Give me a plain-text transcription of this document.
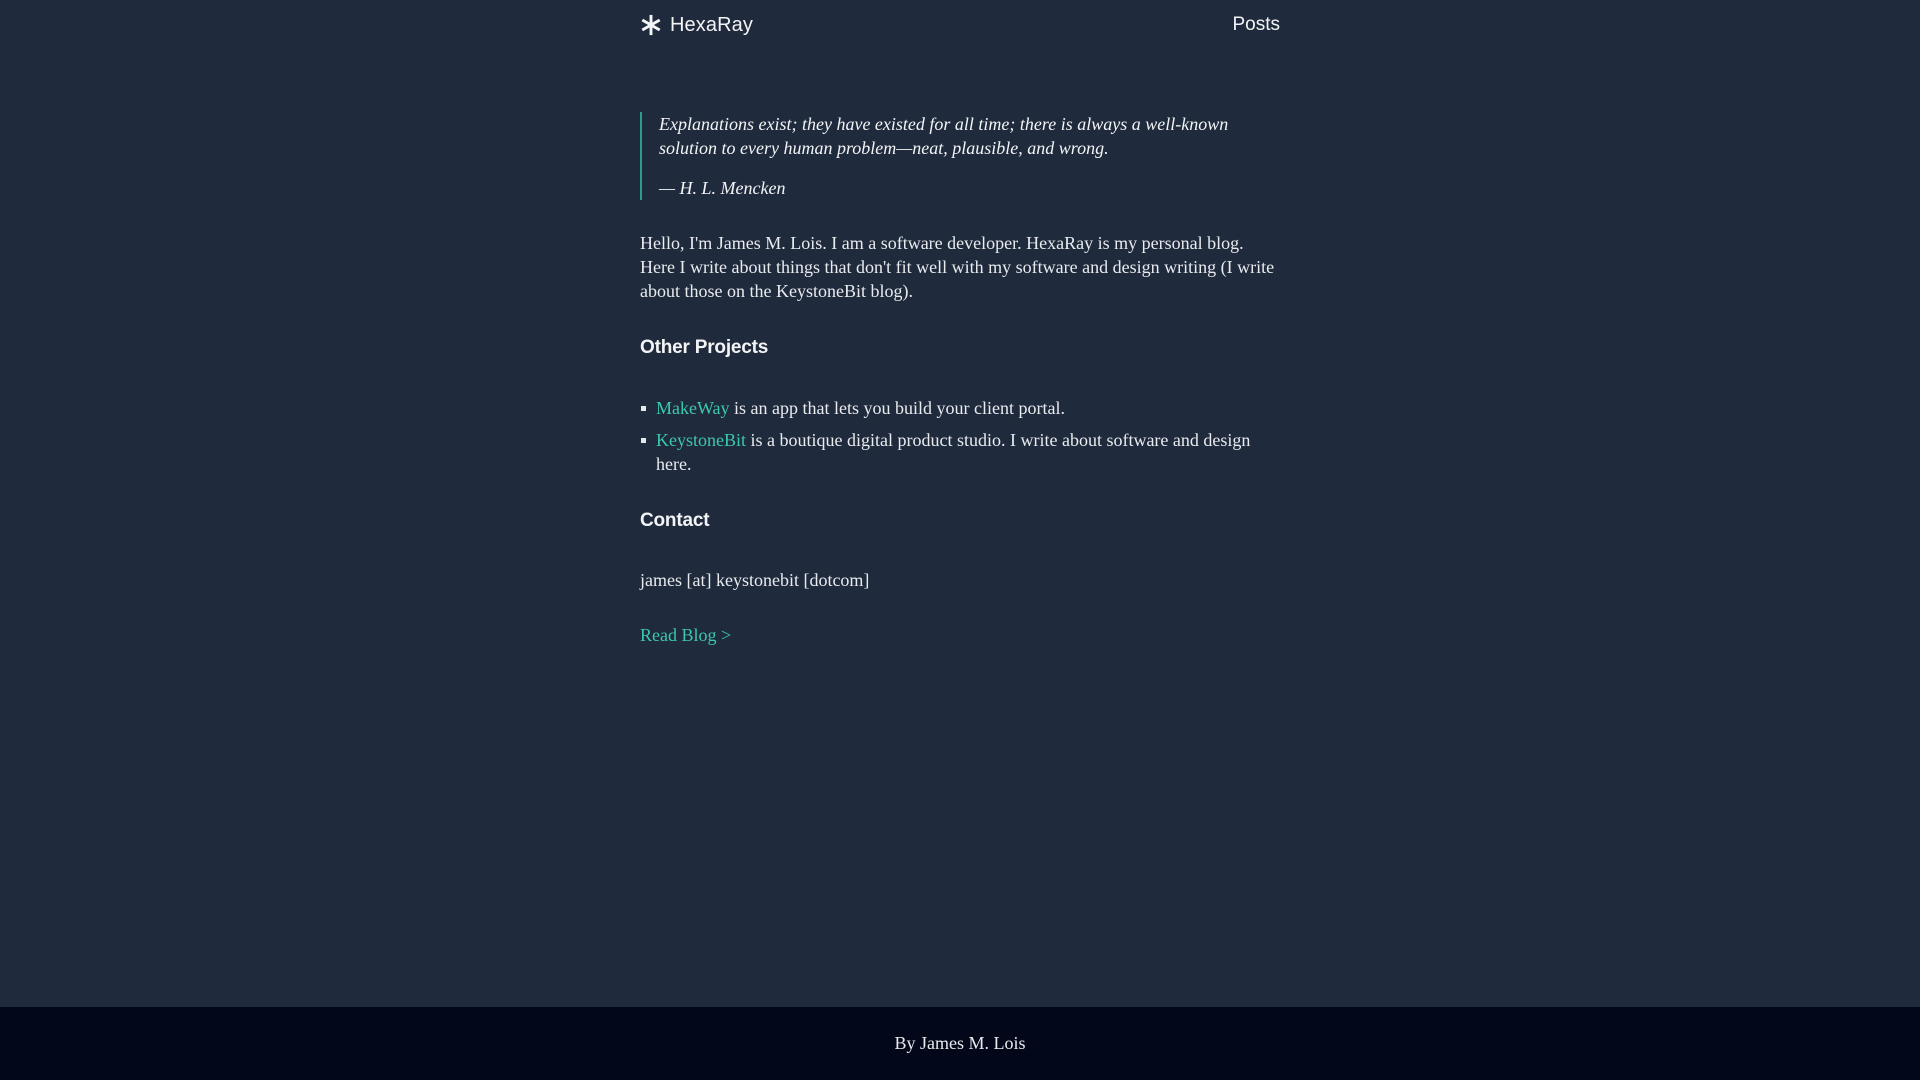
HexaRay	Posts
Explanations exist; they have existed for all time; there is always a well-known solution to every human problem—neat, plausible, and wrong.
— H. L. Mencken

Hello, I'm James M. Lois. I am a software developer. HexaRay is my personal blog. Here I write about things that don't fit well with my software and design writing (I write about those on the KeystoneBit blog).

Other Projects
MakeWay is an app that lets you build your client portal.
KeystoneBit is a boutique digital product studio. I write about software and design here.
Contact

james [at] keystonebit [dotcom]

Read Blog >
By James M. Lois
